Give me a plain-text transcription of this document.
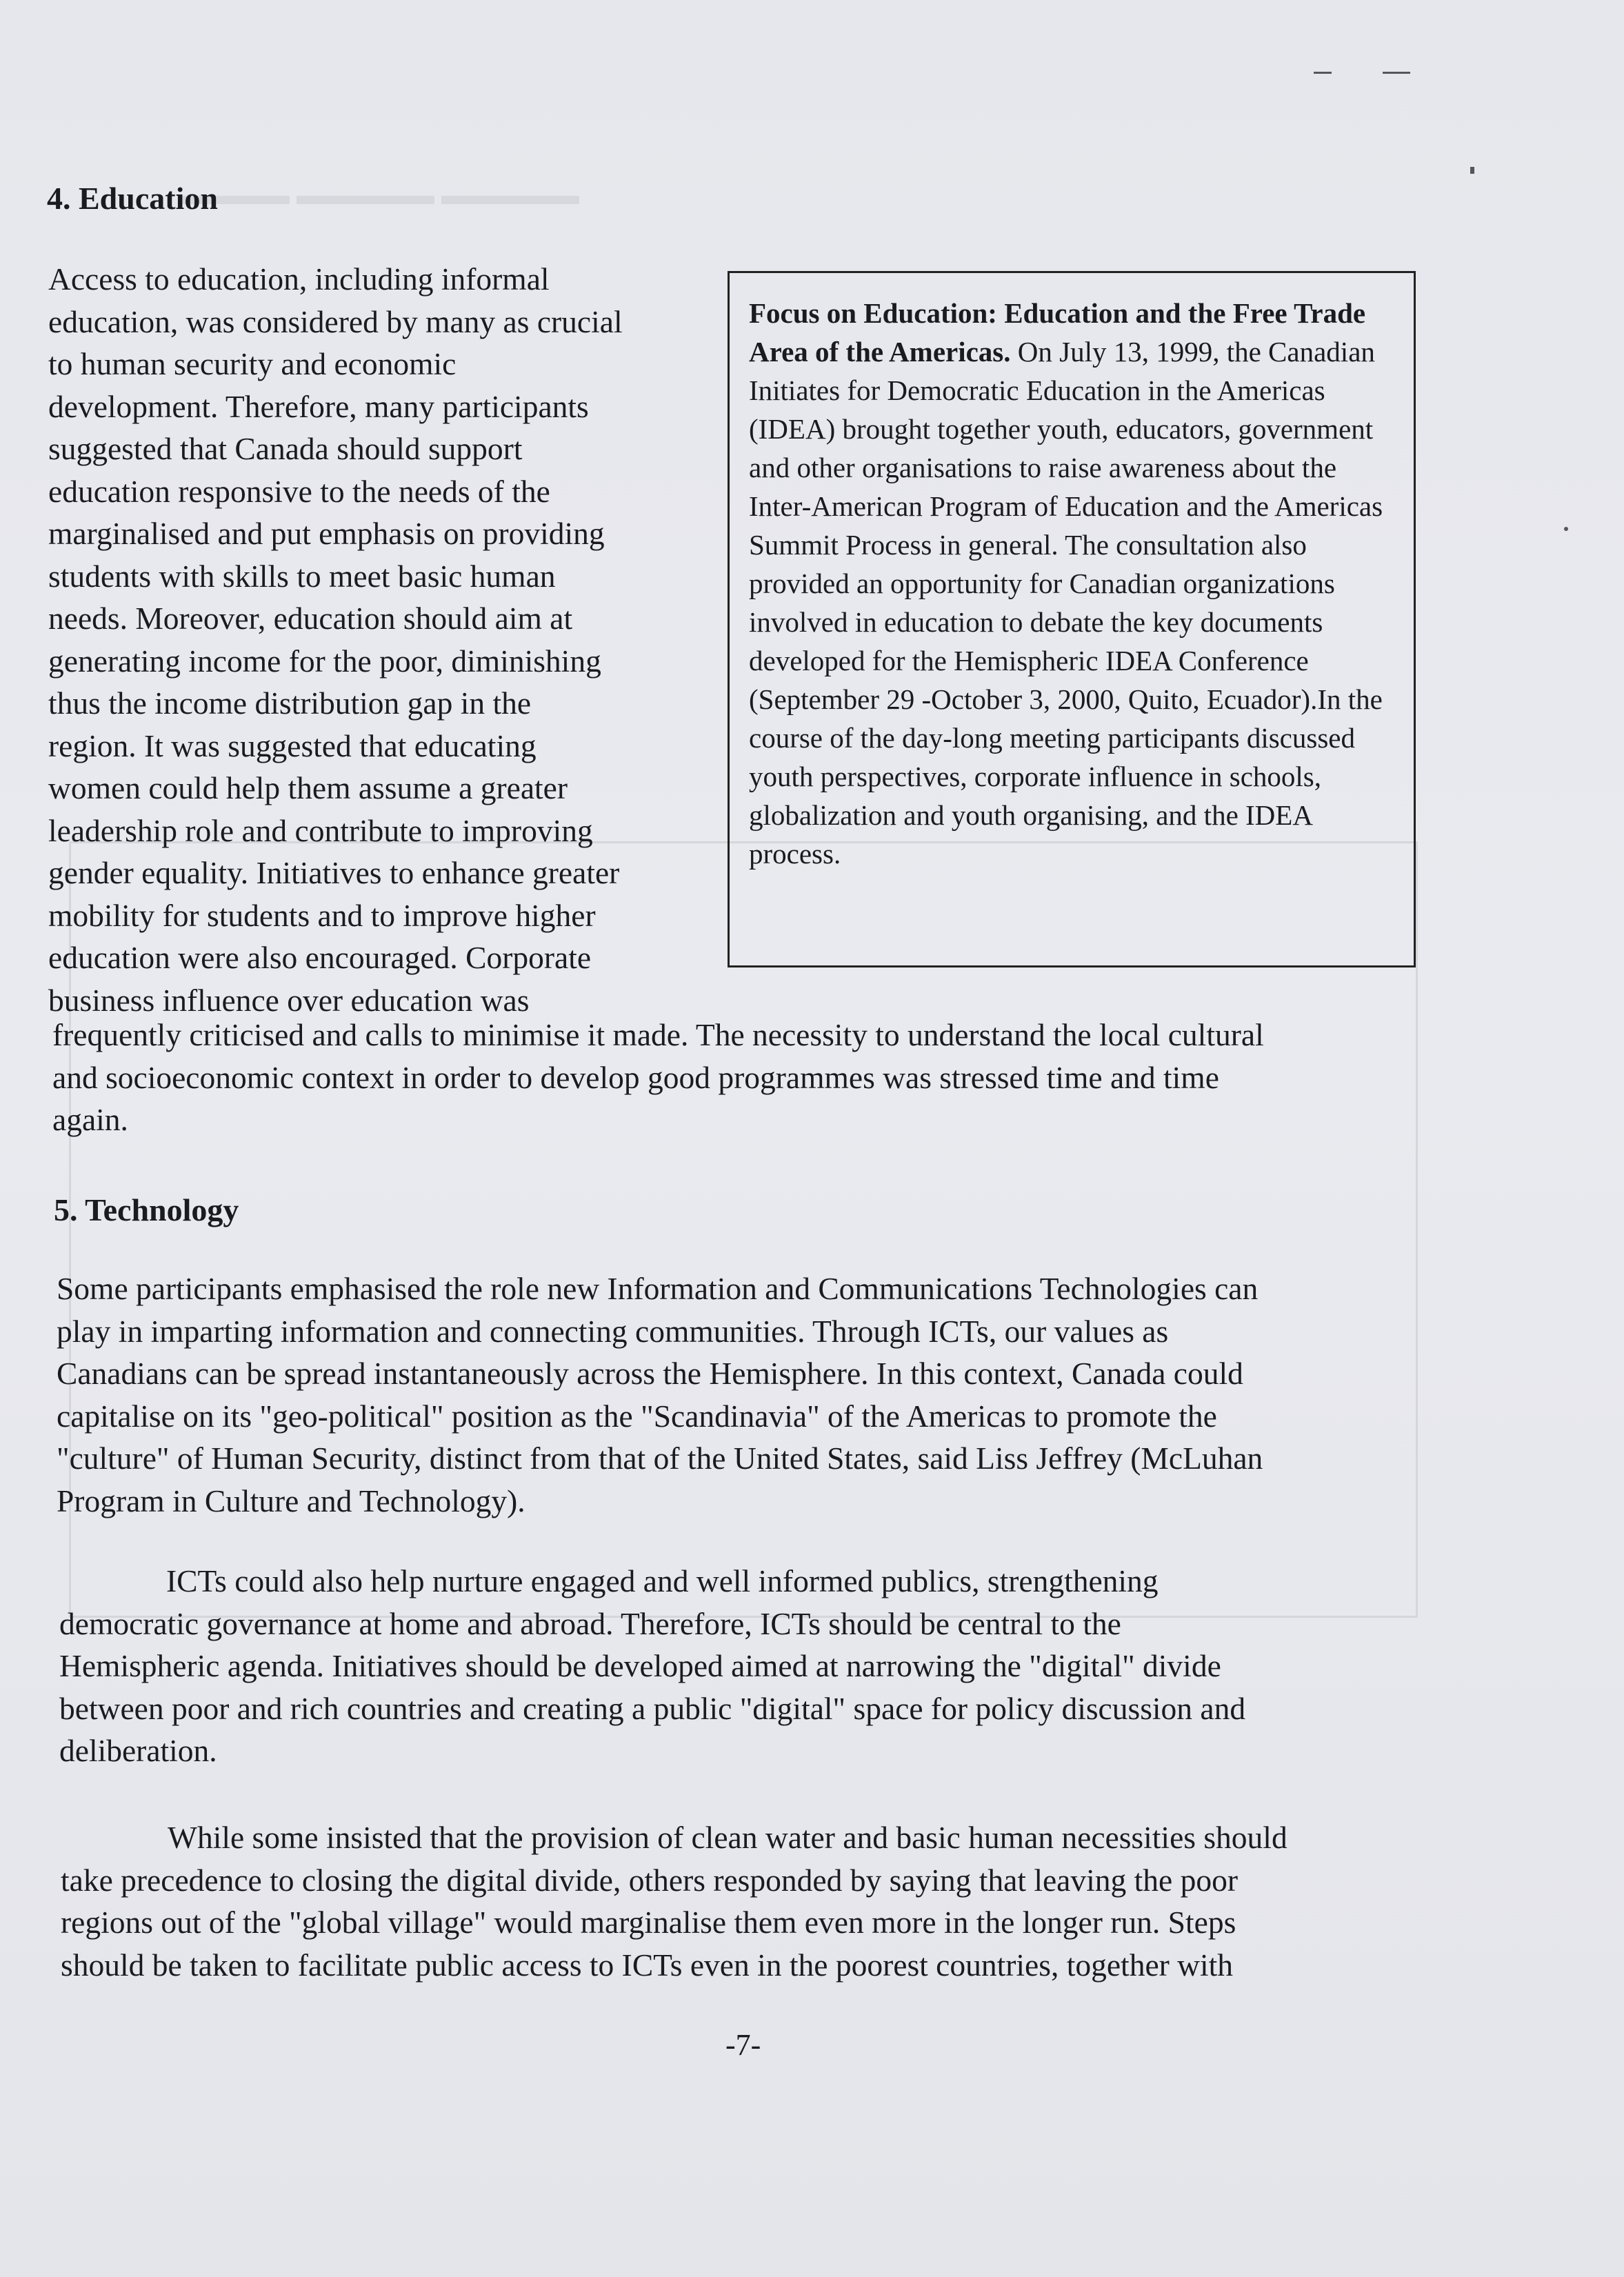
▬▬▬▬ ▬▬▬▬▬ ▬▬▬▬▬
4. Education

Access to education, including informal
education, was considered by many as crucial
to human security and economic
development. Therefore, many participants
suggested that Canada should support
education responsive to the needs of the
marginalised and put emphasis on providing
students with skills to meet basic human
needs. Moreover, education should aim at
generating income for the poor, diminishing
thus the income distribution gap in the
region. It was suggested that educating
women could help them assume a greater
leadership role and contribute to improving
gender equality. Initiatives to enhance greater
mobility for students and to improve higher
education were also encouraged. Corporate
business influence over education was

Focus on Education: Education and the Free Trade Area of the Americas. On July 13, 1999, the Canadian Initiates for Democratic Education in the Americas (IDEA) brought together youth, educators, government and other organisations to raise awareness about the Inter-American Program of Education and the Americas Summit Process in general. The consultation also provided an opportunity for Canadian organizations involved in education to debate the key documents developed for the Hemispheric IDEA Conference (September 29 -October 3, 2000, Quito, Ecuador).In the course of the day-long meeting participants discussed youth perspectives, corporate influence in schools, globalization and youth organising, and the IDEA process.

frequently criticised and calls to minimise it made. The necessity to understand the local cultural
and socioeconomic context in order to develop good programmes was stressed time and time
again.

5. Technology

Some participants emphasised the role new Information and Communications Technologies can
play in imparting information and connecting communities. Through ICTs, our values as
Canadians can be spread instantaneously across the Hemisphere. In this context, Canada could
capitalise on its "geo-political" position as the "Scandinavia" of the Americas to promote the
"culture" of Human Security, distinct from that of the United States, said Liss Jeffrey (McLuhan
Program in Culture and Technology).

ICTs could also help nurture engaged and well informed publics, strengthening
democratic governance at home and abroad. Therefore, ICTs should be central to the
Hemispheric agenda. Initiatives should be developed aimed at narrowing the "digital" divide
between poor and rich countries and creating a public "digital" space for policy discussion and
deliberation.

While some insisted that the provision of clean water and basic human necessities should
take precedence to closing the digital divide, others responded by saying that leaving the poor
regions out of the "global village" would marginalise them even more in the longer run. Steps
should be taken to facilitate public access to ICTs even in the poorest countries, together with

-7-
